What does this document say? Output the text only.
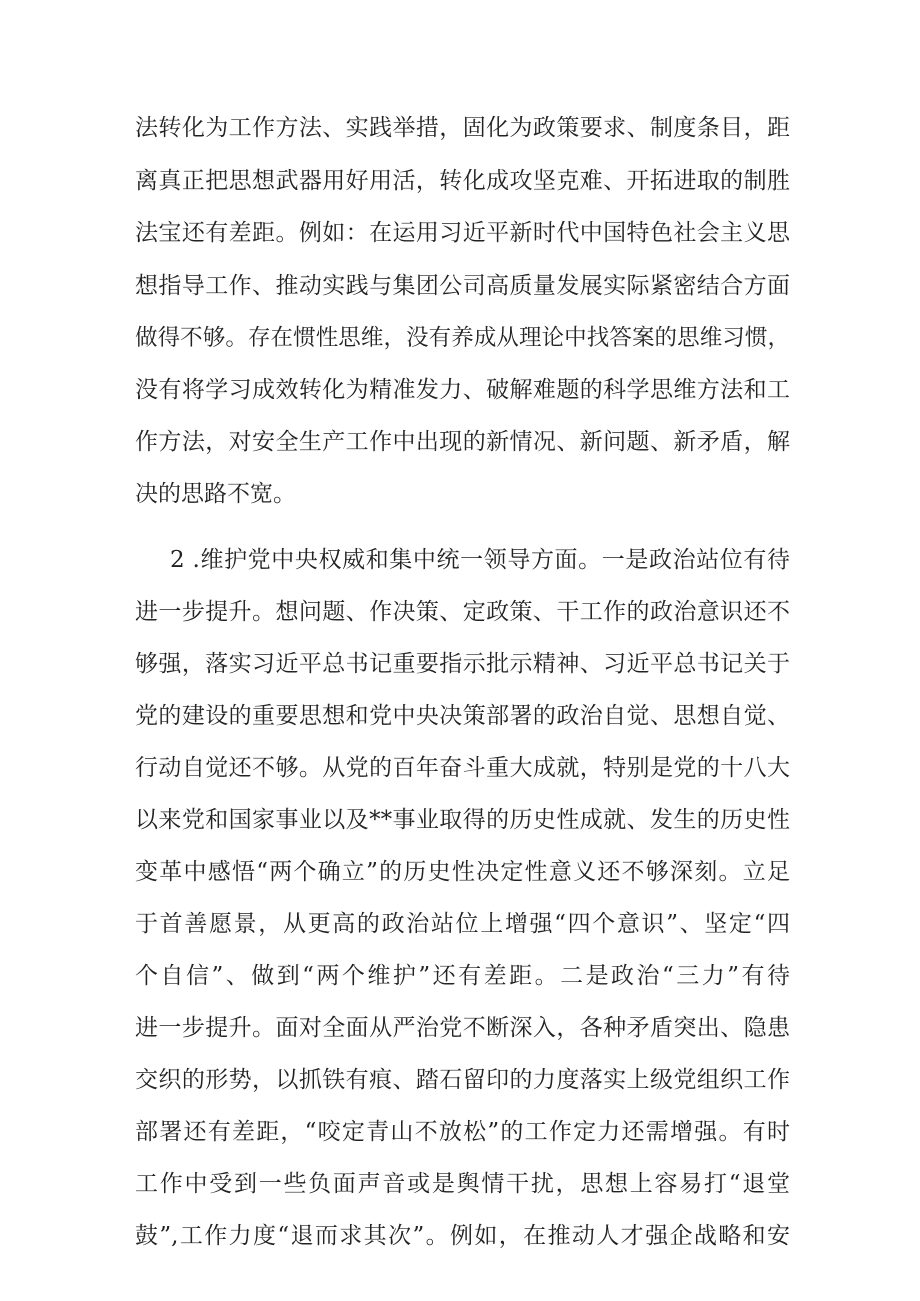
法转化为工作方法、实践举措，固化为政策要求、制度条目，距
离真正把思想武器用好用活，转化成攻坚克难、开拓进取的制胜
法宝还有差距。例如：在运用习近平新时代中国特色社会主义思
想指导工作、推动实践与集团公司高质量发展实际紧密结合方面
做得不够。存在惯性思维，没有养成从理论中找答案的思维习惯，
没有将学习成效转化为精准发力、破解难题的科学思维方法和工
作方法，对安全生产工作中出现的新情况、新问题、新矛盾，解
决的思路不宽。
2 .维护党中央权威和集中统一领导方面。一是政治站位有待
进一步提升。想问题、作决策、定政策、干工作的政治意识还不
够强，落实习近平总书记重要指示批示精神、习近平总书记关于
党的建设的重要思想和党中央决策部署的政治自觉、思想自觉、
行动自觉还不够。从党的百年奋斗重大成就，特别是党的十八大
以来党和国家事业以及**事业取得的历史性成就、发生的历史性
变革中感悟“两个确立”的历史性决定性意义还不够深刻。立足
于首善愿景，从更高的政治站位上增强“四个意识”、坚定“四
个自信”、做到“两个维护”还有差距。二是政治“三力”有待
进一步提升。面对全面从严治党不断深入，各种矛盾突出、隐患
交织的形势，以抓铁有痕、踏石留印的力度落实上级党组织工作
部署还有差距，“咬定青山不放松”的工作定力还需增强。有时
工作中受到一些负面声音或是舆情干扰，思想上容易打“退堂
鼓”,工作力度“退而求其次”。例如，在推动人才强企战略和安
